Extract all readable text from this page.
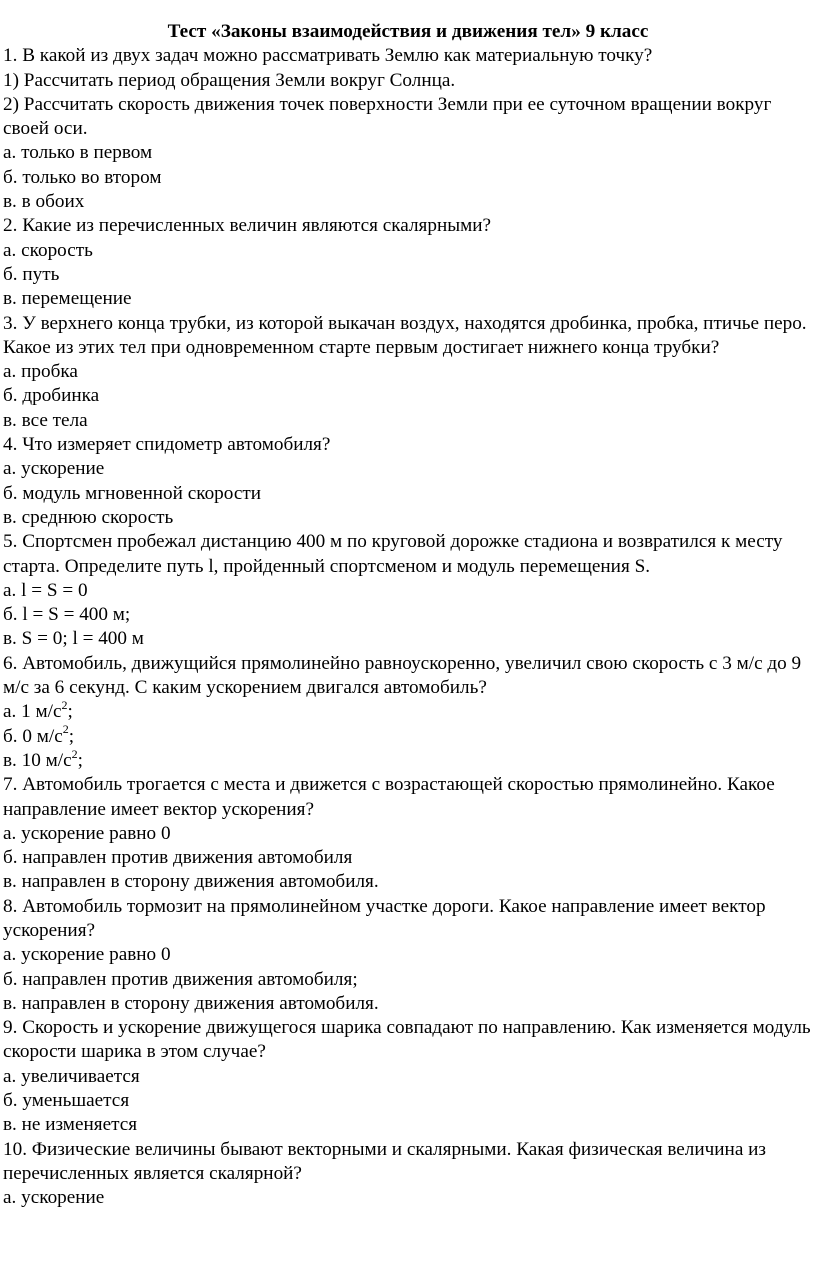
Тест «Законы взаимодействия и движения тел» 9 класс

1. В какой из двух задач можно рассматривать Землю как материальную точку?

1) Рассчитать период обращения Земли вокруг Солнца.

2) Рассчитать скорость движения точек поверхности Земли при ее суточном вращении вокруг своей оси.

а. только в первом

б. только во втором

в. в обоих

2. Какие из перечисленных величин являются скалярными?

а. скорость

б. путь

в. перемещение

3. У верхнего конца трубки, из которой выкачан воздух, находятся дробинка, пробка, птичье перо. Какое из этих тел при одновременном старте первым достигает нижнего конца трубки?

а. пробка

б. дробинка

в. все тела

4. Что измеряет спидометр автомобиля?

а. ускорение

б. модуль мгновенной скорости

в. среднюю скорость

5. Спортсмен пробежал дистанцию 400 м по круговой дорожке стадиона и возвратился к месту старта. Определите путь l, пройденный спортсменом и модуль перемещения S.

а. l = S = 0

б. l = S = 400 м;

в. S = 0; l = 400 м

6. Автомобиль, движущийся прямолинейно равноускоренно, увеличил свою скорость с 3 м/с до 9 м/с за 6 секунд. С каким ускорением двигался автомобиль?

а. 1 $м/с^2$;

б. 0 $м/с^2$;

в. 10 $м/с^2$;

7. Автомобиль трогается с места и движется с возрастающей скоростью прямолинейно. Какое направление имеет вектор ускорения?

а. ускорение равно 0

б. направлен против движения автомобиля

в. направлен в сторону движения автомобиля.

8. Автомобиль тормозит на прямолинейном участке дороги. Какое направление имеет вектор ускорения?

а. ускорение равно 0

б. направлен против движения автомобиля;

в. направлен в сторону движения автомобиля.

9. Скорость и ускорение движущегося шарика совпадают по направлению. Как изменяется модуль скорости шарика в этом случае?

а. увеличивается

б. уменьшается

в. не изменяется

10. Физические величины бывают векторными и скалярными. Какая физическая величина из перечисленных является скалярной?

а. ускорение
